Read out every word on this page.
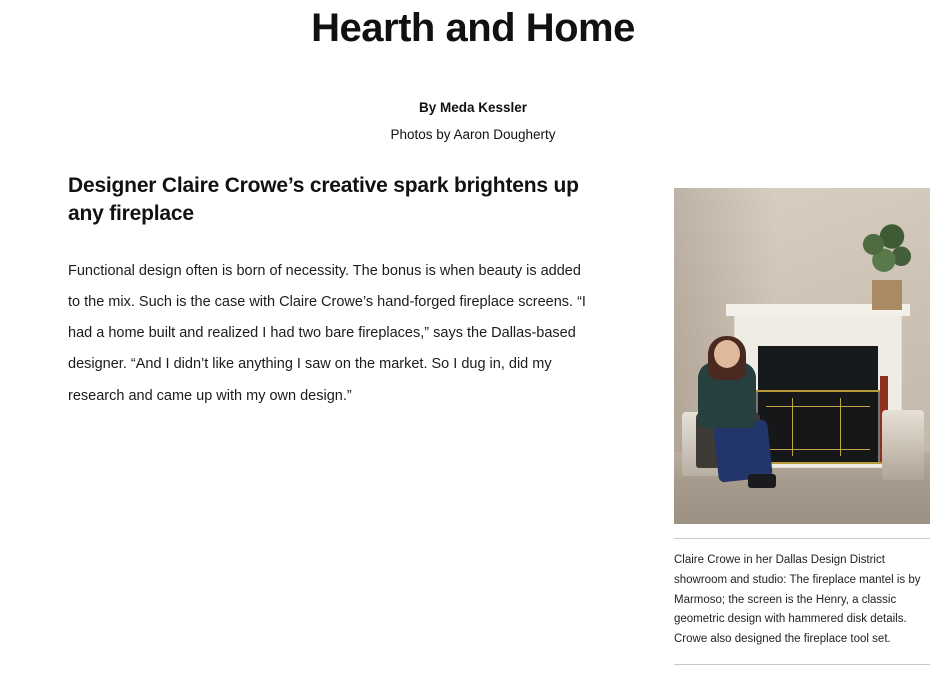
Hearth and Home
By Meda Kessler
Photos by Aaron Dougherty
Designer Claire Crowe’s creative spark brightens up any fireplace

Functional design often is born of necessity. The bonus is when beauty is added to the mix. Such is the case with Claire Crowe’s hand-forged fireplace screens. “I had a home built and realized I had two bare fireplaces,” says the Dallas-based designer. “And I didn’t like anything I saw on the market. So I dug in, did my research and came up with my own design.”

Claire Crowe in her Dallas Design District showroom and studio: The fireplace mantel is by Marmoso; the screen is the Henry, a classic geometric design with hammered disk details. Crowe also designed the fireplace tool set.
